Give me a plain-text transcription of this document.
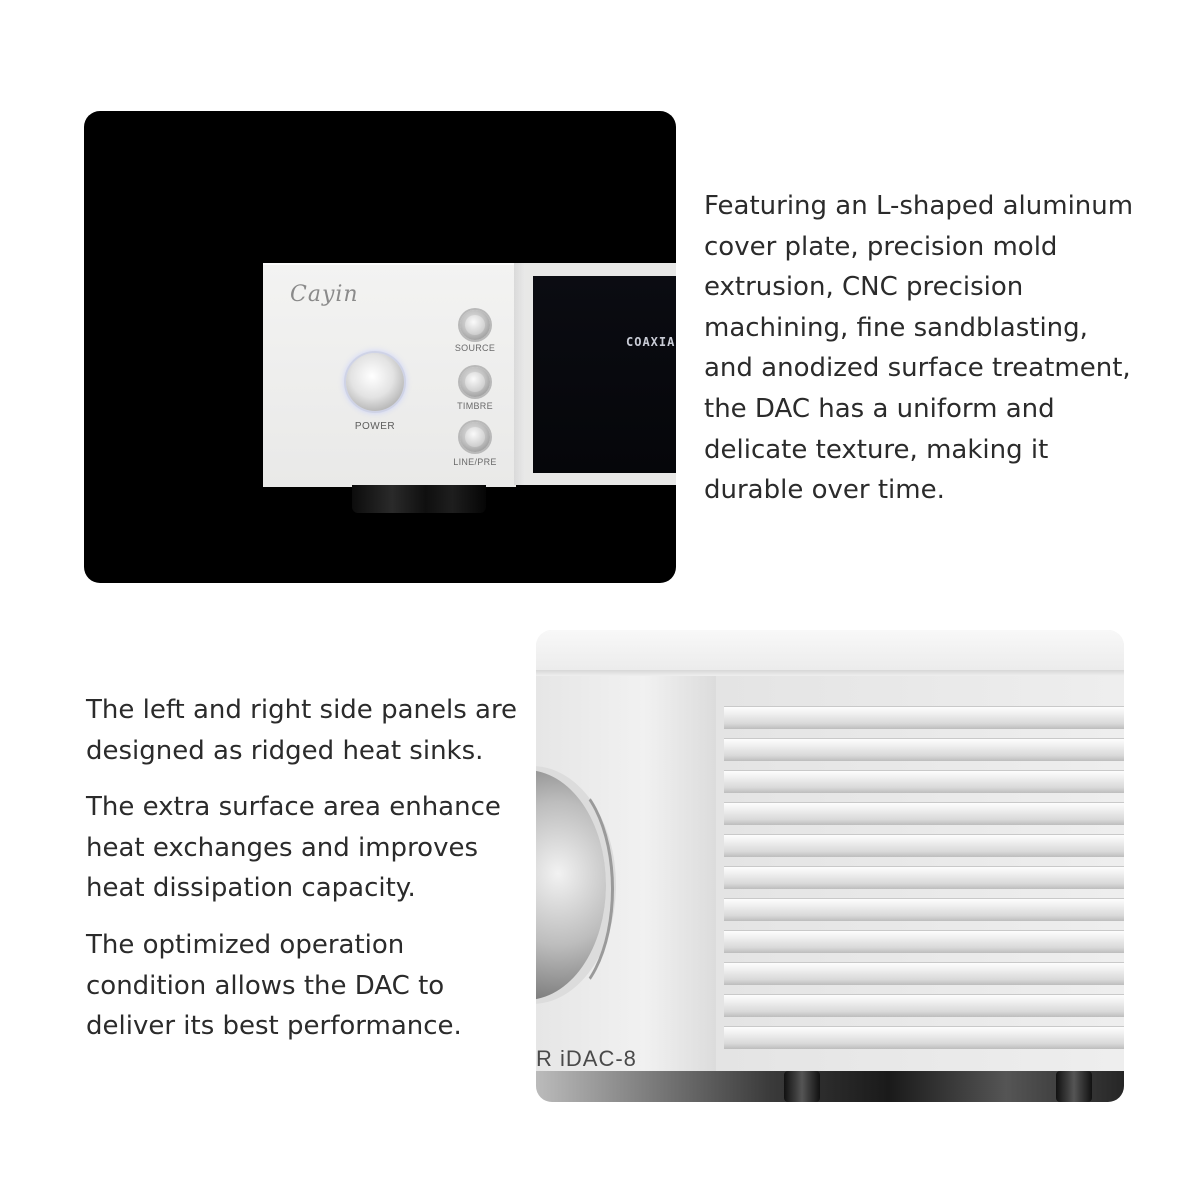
COAXIA
Cayin
POWER
SOURCE
TIMBRE
LINE/PRE

Featuring an L-shaped aluminum cover plate, precision mold extrusion, CNC precision machining, fine sandblasting, and anodized surface treatment, the DAC has a uniform and delicate texture, making it durable over time.

The left and right side panels are designed as ridged heat sinks.

The extra surface area enhance heat exchanges and improves heat dissipation capacity.

The optimized operation condition allows the DAC to deliver its best performance.

R iDAC-8
